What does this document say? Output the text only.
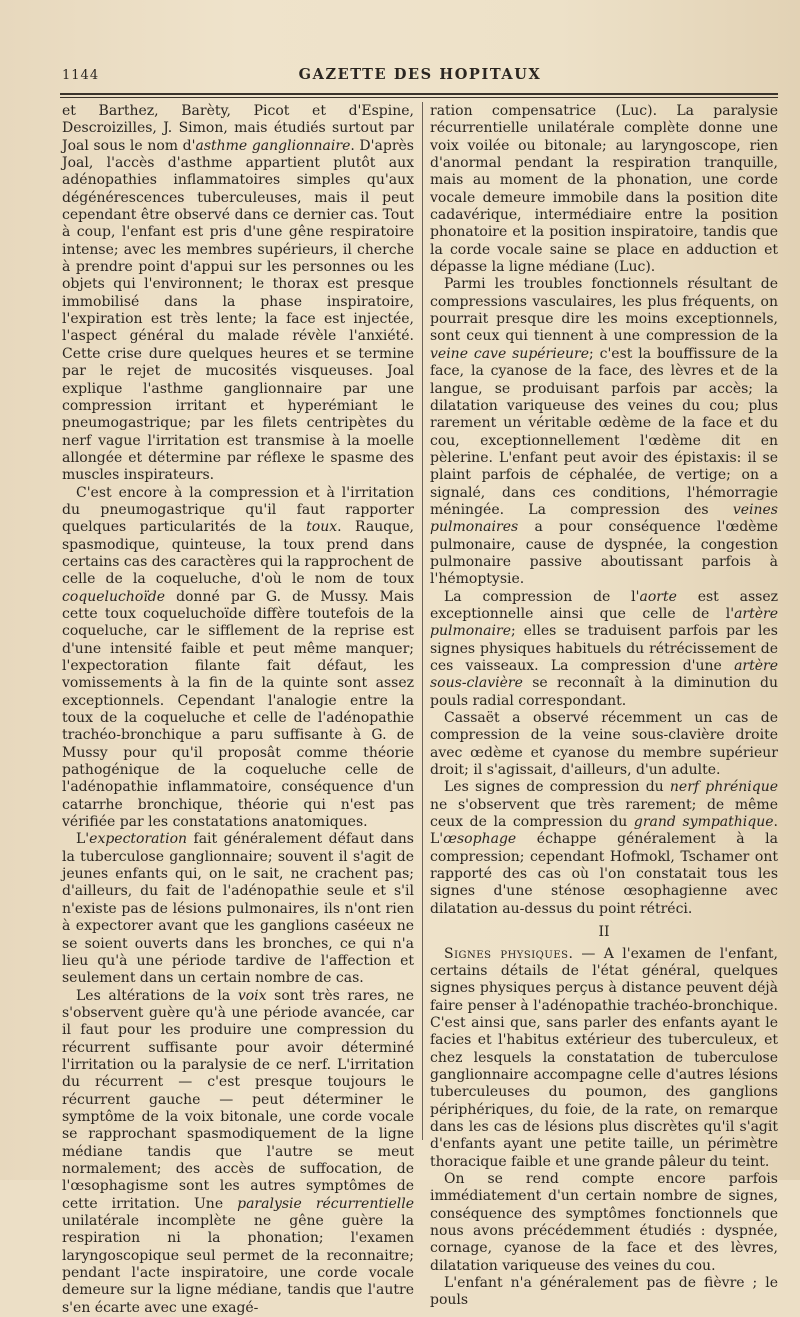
1144	GAZETTE DES HOPITAUX

et Barthez, Barèty, Picot et d'Espine, Descroizilles, J. Simon, mais étudiés surtout par Joal sous le nom d'asthme ganglionnaire. D'après Joal, l'accès d'asthme appartient plutôt aux adénopathies inflammatoires simples qu'aux dégénérescences tuberculeuses, mais il peut cependant être observé dans ce dernier cas. Tout à coup, l'enfant est pris d'une gêne respiratoire intense; avec les membres supérieurs, il cherche à prendre point d'appui sur les personnes ou les objets qui l'environnent; le thorax est presque immobilisé dans la phase inspiratoire, l'expiration est très lente; la face est injectée, l'aspect général du malade révèle l'anxiété. Cette crise dure quelques heures et se termine par le rejet de mucosités visqueuses. Joal explique l'asthme ganglionnaire par une compression irritant et hyperémiant le pneumogastrique; par les filets centripètes du nerf vague l'irritation est transmise à la moelle allongée et détermine par réflexe le spasme des muscles inspirateurs.

C'est encore à la compression et à l'irritation du pneumogastrique qu'il faut rapporter quelques particularités de la toux. Rauque, spasmodique, quinteuse, la toux prend dans certains cas des caractères qui la rapprochent de celle de la coqueluche, d'où le nom de toux coqueluchoïde donné par G. de Mussy. Mais cette toux coqueluchoïde diffère toutefois de la coqueluche, car le sifflement de la reprise est d'une intensité faible et peut même manquer; l'expectoration filante fait défaut, les vomissements à la fin de la quinte sont assez exceptionnels. Cependant l'analogie entre la toux de la coqueluche et celle de l'adénopathie trachéo-bronchique a paru suffisante à G. de Mussy pour qu'il proposât comme théorie pathogénique de la coqueluche celle de l'adénopathie inflammatoire, conséquence d'un catarrhe bronchique, théorie qui n'est pas vérifiée par les constatations anatomiques.

L'expectoration fait généralement défaut dans la tuberculose ganglionnaire; souvent il s'agit de jeunes enfants qui, on le sait, ne crachent pas; d'ailleurs, du fait de l'adénopathie seule et s'il n'existe pas de lésions pulmonaires, ils n'ont rien à expectorer avant que les ganglions caséeux ne se soient ouverts dans les bronches, ce qui n'a lieu qu'à une période tardive de l'affection et seulement dans un certain nombre de cas.

Les altérations de la voix sont très rares, ne s'observent guère qu'à une période avancée, car il faut pour les produire une compression du récurrent suffisante pour avoir déterminé l'irritation ou la paralysie de ce nerf. L'irritation du récurrent — c'est presque toujours le récurrent gauche — peut déterminer le symptôme de la voix bitonale, une corde vocale se rapprochant spasmodiquement de la ligne médiane tandis que l'autre se meut normalement; des accès de suffocation, de l'œsophagisme sont les autres symptômes de cette irritation. Une paralysie récurrentielle unilatérale incomplète ne gêne guère la respiration ni la phonation; l'examen laryngoscopique seul permet de la reconnaitre; pendant l'acte inspiratoire, une corde vocale demeure sur la ligne médiane, tandis que l'autre s'en écarte avec une exagé-

ration compensatrice (Luc). La paralysie récurrentielle unilatérale complète donne une voix voilée ou bitonale; au laryngoscope, rien d'anormal pendant la respiration tranquille, mais au moment de la phonation, une corde vocale demeure immobile dans la position dite cadavérique, intermédiaire entre la position phonatoire et la position inspiratoire, tandis que la corde vocale saine se place en adduction et dépasse la ligne médiane (Luc).

Parmi les troubles fonctionnels résultant de compressions vasculaires, les plus fréquents, on pourrait presque dire les moins exceptionnels, sont ceux qui tiennent à une compression de la veine cave supérieure; c'est la bouffissure de la face, la cyanose de la face, des lèvres et de la langue, se produisant parfois par accès; la dilatation variqueuse des veines du cou; plus rarement un véritable œdème de la face et du cou, exceptionnellement l'œdème dit en pèlerine. L'enfant peut avoir des épistaxis: il se plaint parfois de céphalée, de vertige; on a signalé, dans ces conditions, l'hémorragie méningée. La compression des veines pulmonaires a pour conséquence l'œdème pulmonaire, cause de dyspnée, la congestion pulmonaire passive aboutissant parfois à l'hémoptysie.

La compression de l'aorte est assez exceptionnelle ainsi que celle de l'artère pulmonaire; elles se traduisent parfois par les signes physiques habituels du rétrécissement de ces vaisseaux. La compression d'une artère sous-clavière se reconnaît à la diminution du pouls radial correspondant.

Cassaët a observé récemment un cas de compression de la veine sous-clavière droite avec œdème et cyanose du membre supérieur droit; il s'agissait, d'ailleurs, d'un adulte.

Les signes de compression du nerf phrénique ne s'observent que très rarement; de même ceux de la compression du grand sympathique. L'œsophage échappe généralement à la compression; cependant Hofmokl, Tschamer ont rapporté des cas où l'on constatait tous les signes d'une sténose œsophagienne avec dilatation au-dessus du point rétréci.

II

Signes physiques. — A l'examen de l'enfant, certains détails de l'état général, quelques signes physiques perçus à distance peuvent déjà faire penser à l'adénopathie trachéo-bronchique. C'est ainsi que, sans parler des enfants ayant le facies et l'habitus extérieur des tuberculeux, et chez lesquels la constatation de tuberculose ganglionnaire accompagne celle d'autres lésions tuberculeuses du poumon, des ganglions périphériques, du foie, de la rate, on remarque dans les cas de lésions plus discrètes qu'il s'agit d'enfants ayant une petite taille, un périmètre thoracique faible et une grande pâleur du teint.

On se rend compte encore parfois immédiatement d'un certain nombre de signes, conséquence des symptômes fonctionnels que nous avons précédemment étudiés : dyspnée, cornage, cyanose de la face et des lèvres, dilatation variqueuse des veines du cou.

L'enfant n'a généralement pas de fièvre ; le pouls
